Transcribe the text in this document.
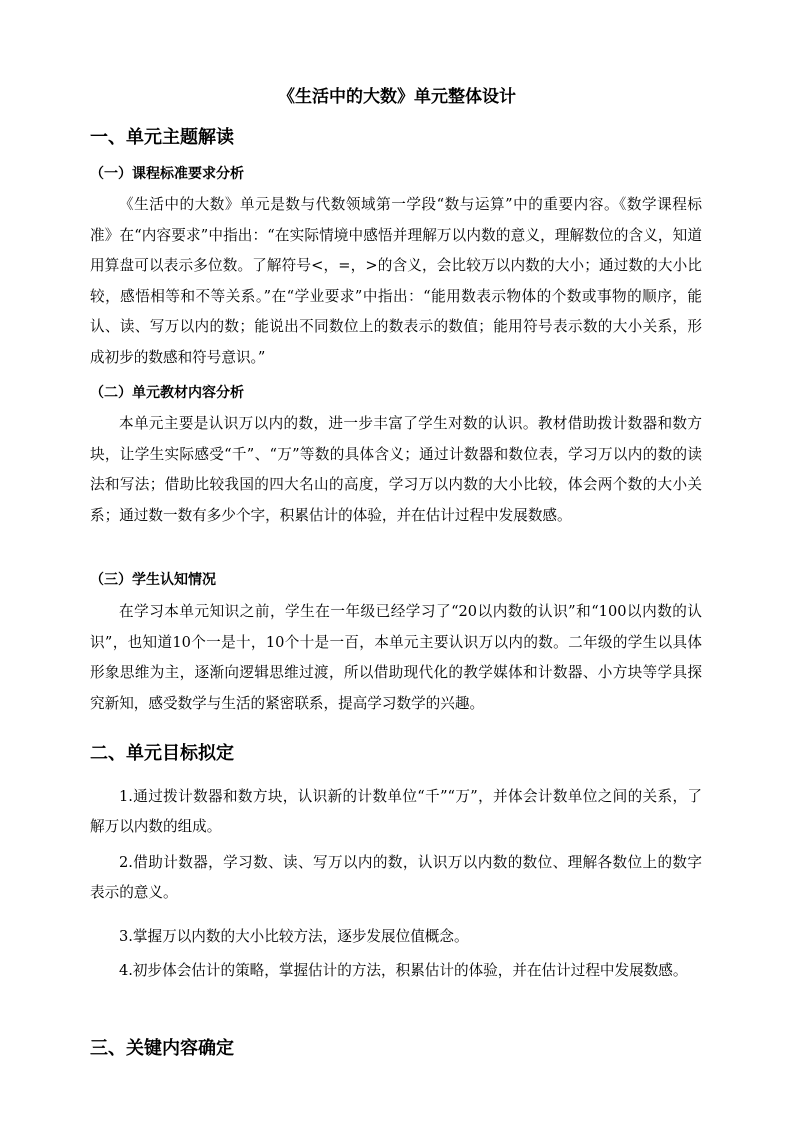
《生活中的大数》单元整体设计
一、单元主题解读
（一）课程标准要求分析

《生活中的大数》单元是数与代数领域第一学段“数与运算”中的重要内容。《数学课程标准》在“内容要求”中指出：“在实际情境中感悟并理解万以内数的意义，理解数位的含义，知道用算盘可以表示多位数。了解符号<，=，>的含义，会比较万以内数的大小；通过数的大小比较，感悟相等和不等关系。”在“学业要求”中指出：“能用数表示物体的个数或事物的顺序，能认、读、写万以内的数；能说出不同数位上的数表示的数值；能用符号表示数的大小关系，形成初步的数感和符号意识。”

（二）单元教材内容分析

本单元主要是认识万以内的数，进一步丰富了学生对数的认识。教材借助拨计数器和数方块，让学生实际感受“千”、“万”等数的具体含义；通过计数器和数位表，学习万以内的数的读法和写法；借助比较我国的四大名山的高度，学习万以内数的大小比较，体会两个数的大小关系；通过数一数有多少个字，积累估计的体验，并在估计过程中发展数感。

（三）学生认知情况

在学习本单元知识之前，学生在一年级已经学习了“20以内数的认识”和“100以内数的认识”，也知道10个一是十，10个十是一百，本单元主要认识万以内的数。二年级的学生以具体形象思维为主，逐渐向逻辑思维过渡，所以借助现代化的教学媒体和计数器、小方块等学具探究新知，感受数学与生活的紧密联系，提高学习数学的兴趣。

二、单元目标拟定

1.通过拨计数器和数方块，认识新的计数单位“千”“万”，并体会计数单位之间的关系，了解万以内数的组成。

2.借助计数器，学习数、读、写万以内的数，认识万以内数的数位、理解各数位上的数字表示的意义。

3.掌握万以内数的大小比较方法，逐步发展位值概念。

4.初步体会估计的策略，掌握估计的方法，积累估计的体验，并在估计过程中发展数感。

三、关键内容确定
